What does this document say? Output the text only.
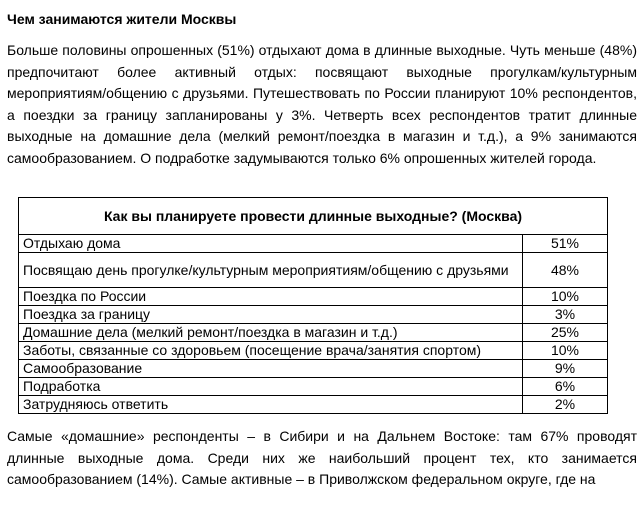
Чем занимаются жители Москвы

Больше половины опрошенных (51%) отдыхают дома в длинные выходные. Чуть меньше (48%) предпочитают более активный отдых: посвящают выходные прогулкам/культурным мероприятиям/общению с друзьями. Путешествовать по России планируют 10% респондентов, а поездки за границу запланированы у 3%. Четверть всех респондентов тратит длинные выходные на домашние дела (мелкий ремонт/поездка в магазин и т.д.), а 9% занимаются самообразованием. О подработке задумываются только 6% опрошенных жителей города.

Как вы планируете провести длинные выходные? (Москва)	
Отдыхаю дома	51%
Посвящаю день прогулке/культурным мероприятиям/общению с друзьями	48%
Поездка по России	10%
Поездка за границу	3%
Домашние дела (мелкий ремонт/поездка в магазин и т.д.)	25%
Заботы, связанные со здоровьем (посещение врача/занятия спортом)	10%
Самообразование	9%
Подработка	6%
Затрудняюсь ответить	2%

Самые «домашние» респонденты – в Сибири и на Дальнем Востоке: там 67% проводят длинные выходные дома. Среди них же наибольший процент тех, кто занимается самообразованием (14%). Самые активные – в Приволжском федеральном округе, где на
